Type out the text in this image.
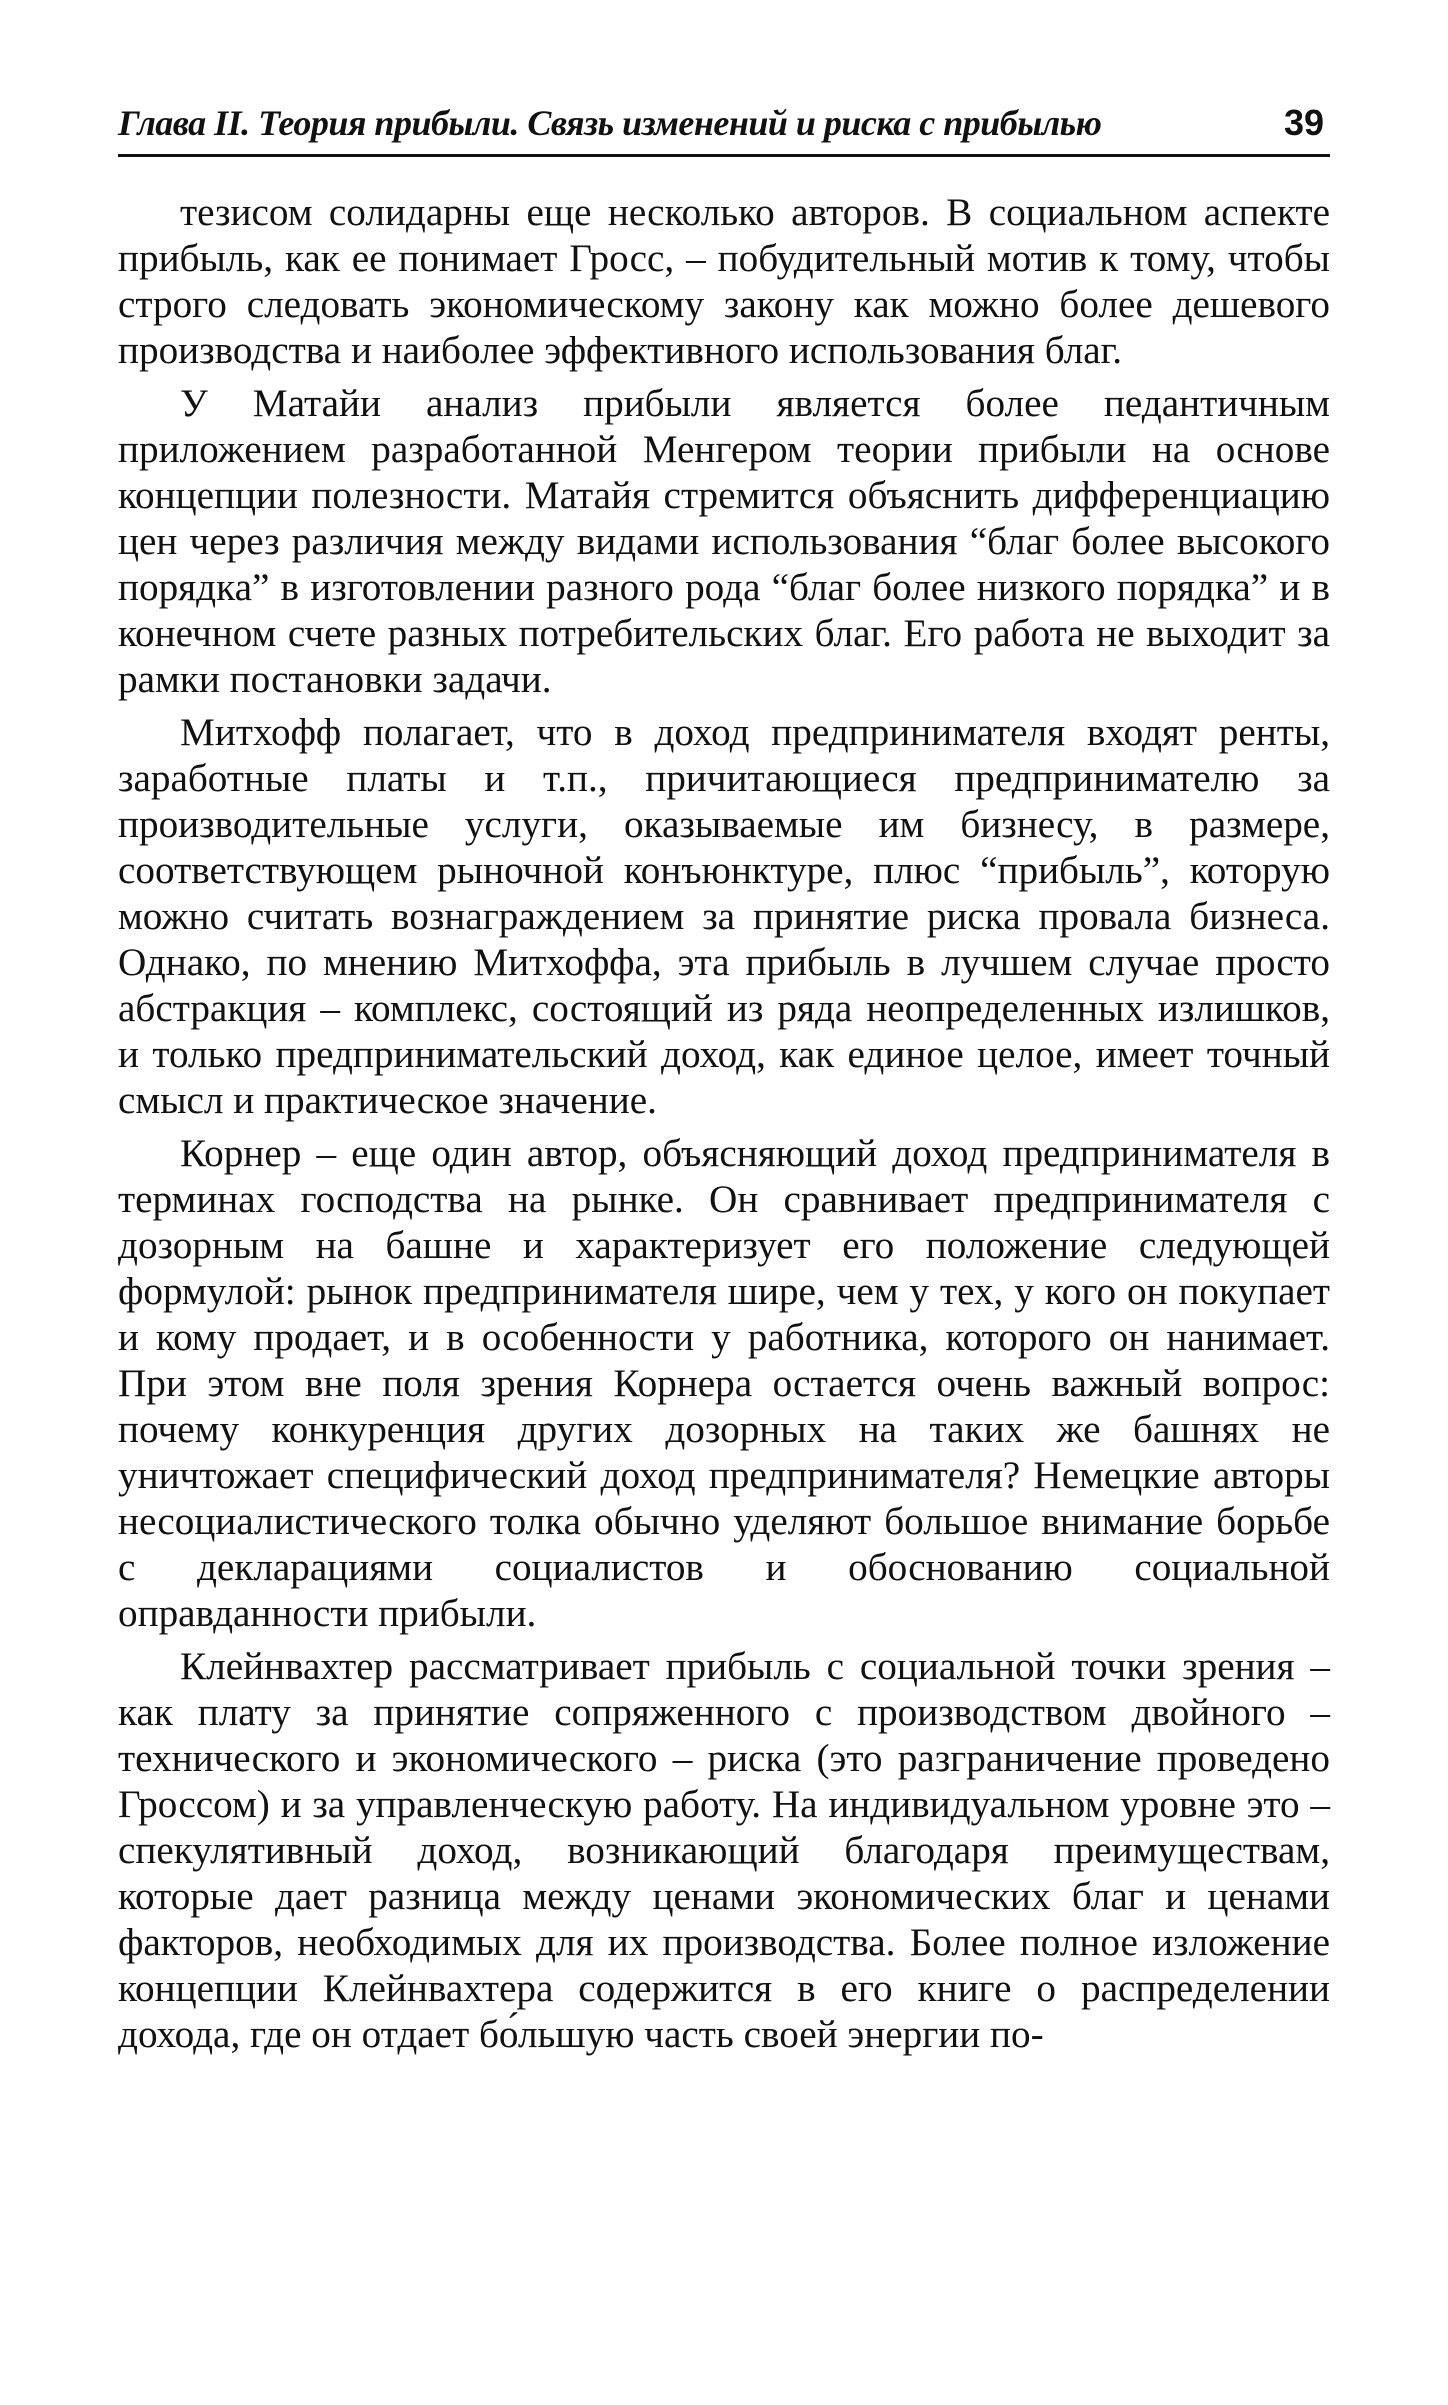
Глава II. Теория прибыли. Связь изменений и риска с прибылью	39

тезисом солидарны еще несколько авторов. В социальном аспекте прибыль, как ее понимает Гросс, – побудительный мотив к тому, чтобы строго следовать экономическому закону как можно более дешевого производства и наиболее эффективного использования благ.

У Матайи анализ прибыли является более педантичным приложением разработанной Менгером теории прибыли на основе концепции полезности. Матайя стремится объяснить дифференциацию цен через различия между видами использования “благ более высокого порядка” в изготовлении разного рода “благ более низкого порядка” и в конечном счете разных потребительских благ. Его работа не выходит за рамки постановки задачи.

Митхофф полагает, что в доход предпринимателя входят ренты, заработные платы и т.п., причитающиеся предпринимателю за производительные услуги, оказываемые им бизнесу, в размере, соответствующем рыночной конъюнктуре, плюс “прибыль”, которую можно считать вознаграждением за принятие риска провала бизнеса. Однако, по мнению Митхоффа, эта прибыль в лучшем случае просто абстракция – комплекс, состоящий из ряда неопределенных излишков, и только предпринимательский доход, как единое целое, имеет точный смысл и практическое значение.

Корнер – еще один автор, объясняющий доход предпринимателя в терминах господства на рынке. Он сравнивает предпринимателя с дозорным на башне и характеризует его положение следующей формулой: рынок предпринимателя шире, чем у тех, у кого он покупает и кому продает, и в особенности у работника, которого он нанимает. При этом вне поля зрения Корнера остается очень важный вопрос: почему конкуренция других дозорных на таких же башнях не уничтожает специфический доход предпринимателя? Немецкие авторы несоциалистического толка обычно уделяют большое внимание борьбе с декларациями социалистов и обоснованию социальной оправданности прибыли.

Клейнвахтер рассматривает прибыль с социальной точки зрения – как плату за принятие сопряженного с производством двойного – технического и экономического – риска (это разграничение проведено Гроссом) и за управленческую работу. На индивидуальном уровне это – спекулятивный доход, возникающий благодаря преимуществам, которые дает разница между ценами экономических благ и ценами факторов, необходимых для их производства. Более полное изложение концепции Клейнвахтера содержится в его книге о распределении дохода, где он отдает бо́льшую часть своей энергии по-
